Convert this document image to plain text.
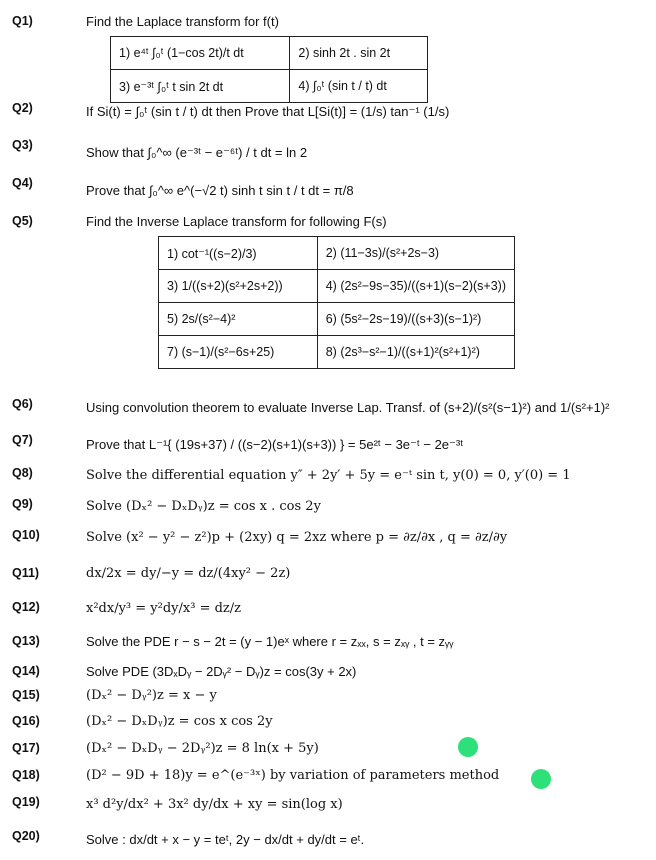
Q1)	Find the Laplace transform for f(t)
1) e⁴ᵗ ∫₀ᵗ (1−cos 2t)/t dt	2) sinh 2t . sin 2t
3) e⁻³ᵗ ∫₀ᵗ t sin 2t dt	4) ∫₀ᵗ (sin t / t) dt
Q2)	If Si(t) = ∫₀ᵗ (sin t / t) dt then Prove that L[Si(t)] = (1/s) tan⁻¹ (1/s)
Q3)	Show that ∫₀^∞ (e⁻³ᵗ − e⁻⁶ᵗ) / t dt = ln 2
Q4)	Prove that ∫₀^∞ e^(−√2 t) sinh t sin t / t dt = π/8
Q5)	Find the Inverse Laplace transform for following F(s)
1) cot⁻¹((s−2)/3)	2) (11−3s)/(s²+2s−3)
3) 1/((s+2)(s²+2s+2))	4) (2s²−9s−35)/((s+1)(s−2)(s+3))
5) 2s/(s²−4)²	6) (5s²−2s−19)/((s+3)(s−1)²)
7) (s−1)/(s²−6s+25)	8) (2s³−s²−1)/((s+1)²(s²+1)²)
Q6)	Using convolution theorem to evaluate Inverse Lap. Transf. of (s+2)/(s²(s−1)²) and 1/(s²+1)²
Q7)	Prove that L⁻¹{ (19s+37) / ((s−2)(s+1)(s+3)) } = 5e²ᵗ − 3e⁻ᵗ − 2e⁻³ᵗ
Q8)	Solve the differential equation y″ + 2y′ + 5y = e⁻ᵗ sin t, y(0) = 0, y′(0) = 1
Q9)	Solve (Dₓ² − DₓDᵧ)z = cos x . cos 2y
Q10)	Solve (x² − y² − z²)p + (2xy) q = 2xz where p = ∂z/∂x , q = ∂z/∂y
Q11)	dx/2x = dy/−y = dz/(4xy² − 2z)
Q12)	x²dx/y³ = y²dy/x³ = dz/z
Q13)	Solve the PDE r − s − 2t = (y − 1)eˣ where r = zₓₓ, s = zₓᵧ , t = zᵧᵧ
Q14)	Solve PDE (3DₓDᵧ − 2Dᵧ² − Dᵧ)z = cos(3y + 2x)
Q15)	(Dₓ² − Dᵧ²)z = x − y
Q16)	(Dₓ² − DₓDᵧ)z = cos x cos 2y
Q17)	(Dₓ² − DₓDᵧ − 2Dᵧ²)z = 8 ln(x + 5y)
Q18)	(D² − 9D + 18)y = e^(e⁻³ˣ) by variation of parameters method
Q19)	x³ d²y/dx² + 3x² dy/dx + xy = sin(log x)
Q20)	Solve : dx/dt + x − y = teᵗ, 2y − dx/dt + dy/dt = eᵗ.
